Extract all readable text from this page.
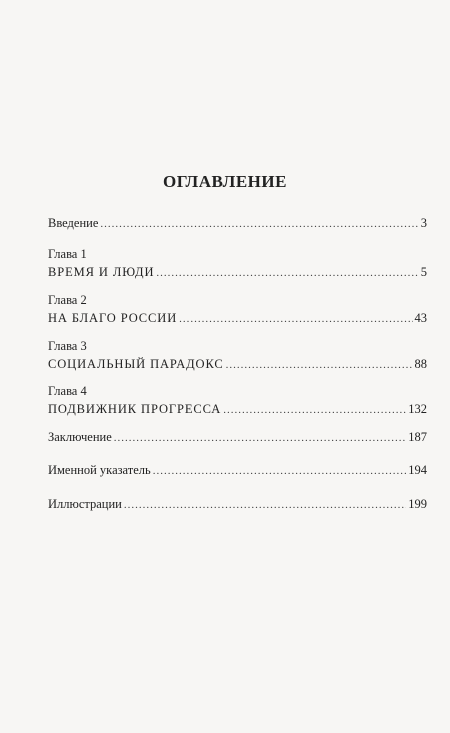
ОГЛАВЛЕНИЕ
Введение .....	3
Глава 1
ВРЕМЯ И ЛЮДИ .....	5
Глава 2
НА БЛАГО РОССИИ .....	43
Глава 3
СОЦИАЛЬНЫЙ ПАРАДОКС .....	88
Глава 4
ПОДВИЖНИК ПРОГРЕССА .....	132
Заключение .....	187
Именной указатель .....	194
Иллюстрации .....	199
